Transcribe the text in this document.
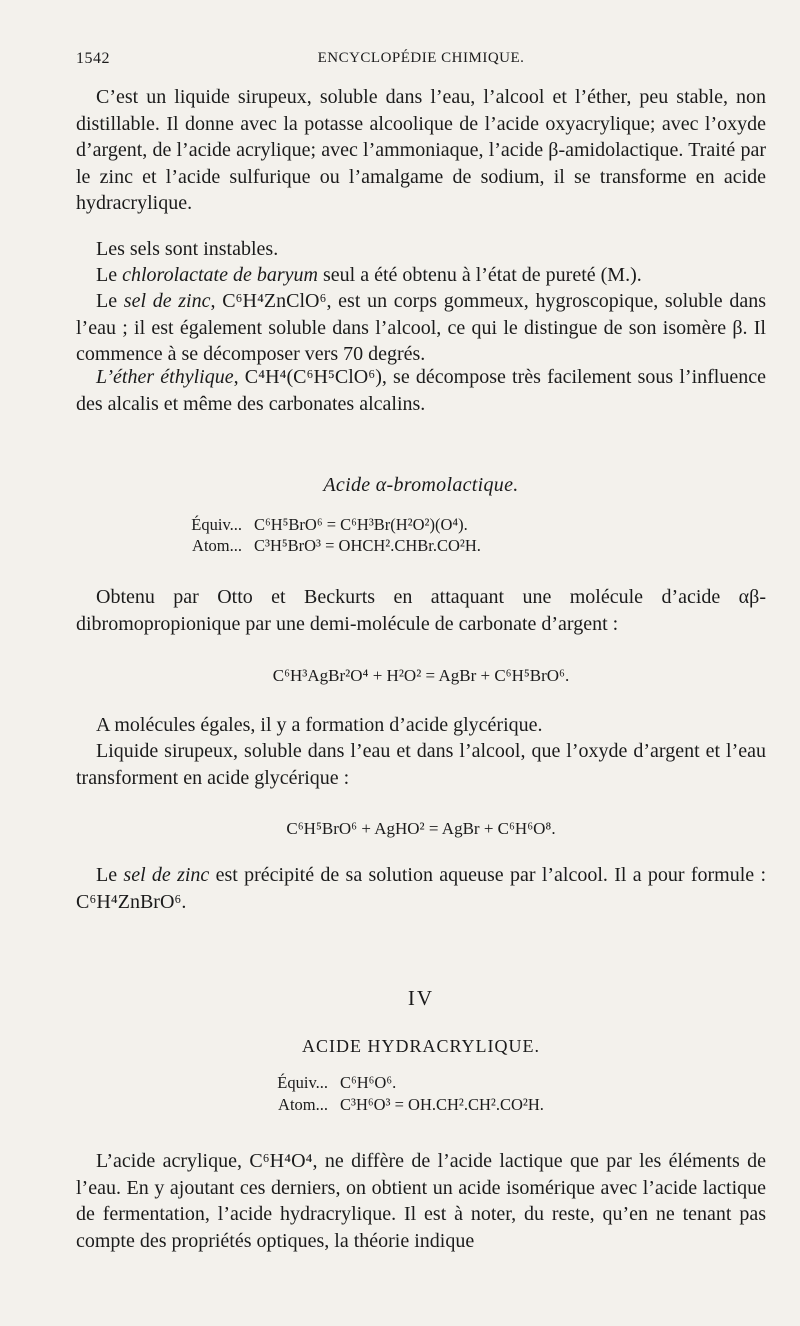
1542	ENCYCLOPÉDIE CHIMIQUE.

C’est un liquide sirupeux, soluble dans l’eau, l’alcool et l’éther, peu stable, non distillable. Il donne avec la potasse alcoolique de l’acide oxyacrylique; avec l’oxyde d’argent, de l’acide acrylique; avec l’ammoniaque, l’acide β-amidolactique. Traité par le zinc et l’acide sulfurique ou l’amalgame de sodium, il se transforme en acide hydracrylique.

Les sels sont instables.

Le chlorolactate de baryum seul a été obtenu à l’état de pureté (M.).

Le sel de zinc, C⁶H⁴ZnClO⁶, est un corps gommeux, hygroscopique, soluble dans l’eau ; il est également soluble dans l’alcool, ce qui le distingue de son isomère β. Il commence à se décomposer vers 70 degrés.

L’éther éthylique, C⁴H⁴(C⁶H⁵ClO⁶), se décompose très facilement sous l’influence des alcalis et même des carbonates alcalins.

Acide α-bromolactique.

Équiv... C⁶H⁵BrO⁶ = C⁶H³Br(H²O²)(O⁴).
Atom... C³H⁵BrO³ = OHCH².CHBr.CO²H.

Obtenu par Otto et Beckurts en attaquant une molécule d’acide αβ-dibromopropionique par une demi-molécule de carbonate d’argent :

C⁶H³AgBr²O⁴ + H²O² = AgBr + C⁶H⁵BrO⁶.

A molécules égales, il y a formation d’acide glycérique.

Liquide sirupeux, soluble dans l’eau et dans l’alcool, que l’oxyde d’argent et l’eau transforment en acide glycérique :

C⁶H⁵BrO⁶ + AgHO² = AgBr + C⁶H⁶O⁸.

Le sel de zinc est précipité de sa solution aqueuse par l’alcool. Il a pour formule : C⁶H⁴ZnBrO⁶.

IV

ACIDE HYDRACRYLIQUE.

Équiv... C⁶H⁶O⁶.
Atom... C³H⁶O³ = OH.CH².CH².CO²H.

L’acide acrylique, C⁶H⁴O⁴, ne diffère de l’acide lactique que par les éléments de l’eau. En y ajoutant ces derniers, on obtient un acide isomérique avec l’acide lactique de fermentation, l’acide hydracrylique. Il est à noter, du reste, qu’en ne tenant pas compte des propriétés optiques, la théorie indique
